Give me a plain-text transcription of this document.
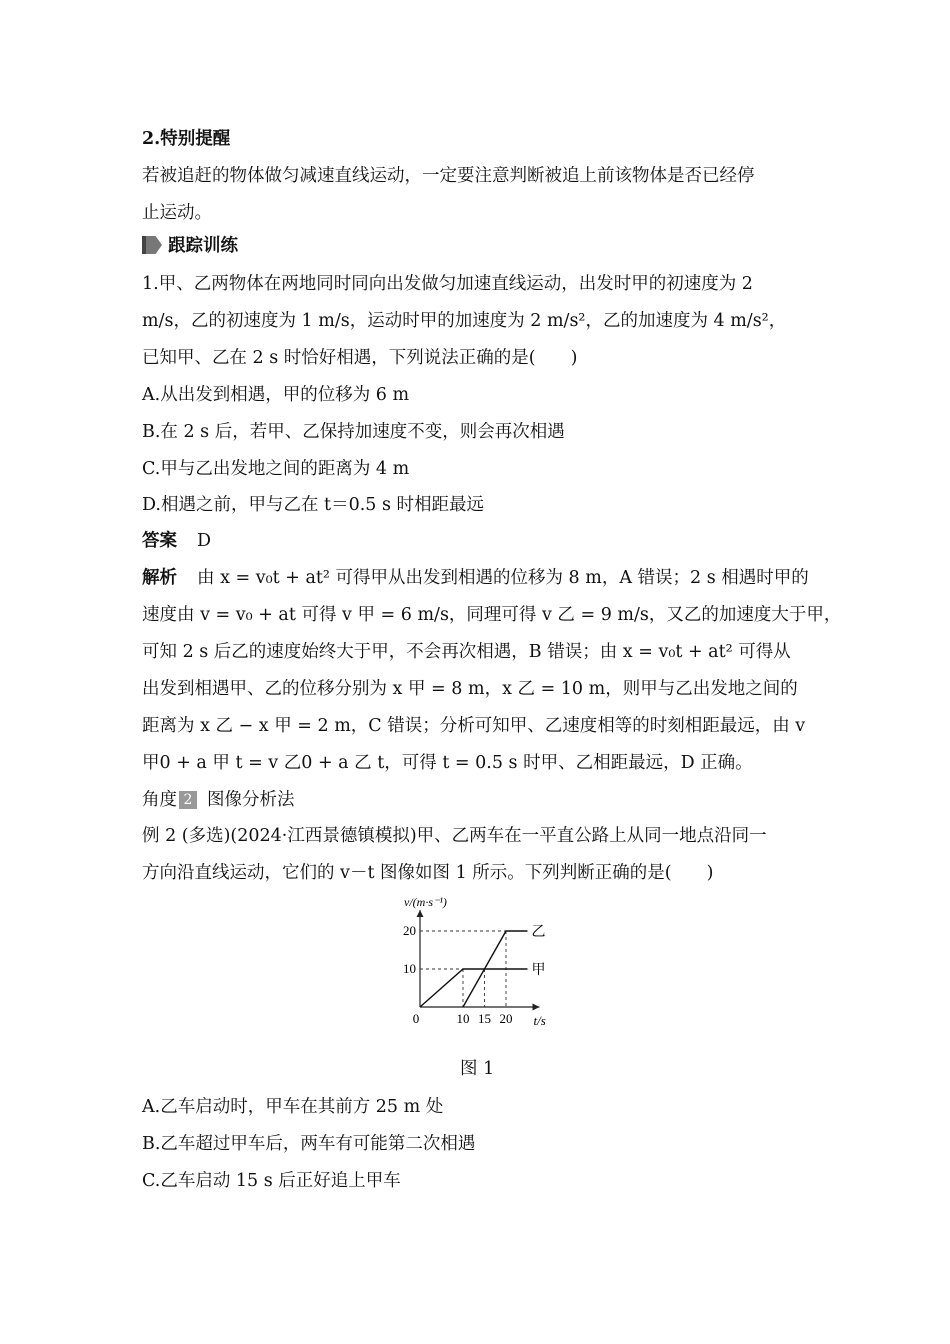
2.特别提醒
若被追赶的物体做匀减速直线运动，一定要注意判断被追上前该物体是否已经停
止运动。
跟踪训练
1.甲、乙两物体在两地同时同向出发做匀加速直线运动，出发时甲的初速度为 2
m/s，乙的初速度为 1 m/s，运动时甲的加速度为 2 m/s²，乙的加速度为 4 m/s²，
已知甲、乙在 2 s 时恰好相遇，下列说法正确的是(　　)
A.从出发到相遇，甲的位移为 6 m
B.在 2 s 后，若甲、乙保持加速度不变，则会再次相遇
C.甲与乙出发地之间的距离为 4 m
D.相遇之前，甲与乙在 t＝0.5 s 时相距最远
答案 D
解析 由 x = v₀t + at² 可得甲从出发到相遇的位移为 8 m，A 错误；2 s 相遇时甲的
速度由 v = v₀ + at 可得 v 甲 = 6 m/s，同理可得 v 乙 = 9 m/s，又乙的加速度大于甲，
可知 2 s 后乙的速度始终大于甲，不会再次相遇，B 错误；由 x = v₀t + at² 可得从
出发到相遇甲、乙的位移分别为 x 甲 = 8 m，x 乙 = 10 m，则甲与乙出发地之间的
距离为 x 乙 − x 甲 = 2 m，C 错误；分析可知甲、乙速度相等的时刻相距最远，由 v
甲0 + a 甲 t = v 乙0 + a 乙 t，可得 t = 0.5 s 时甲、乙相距最远，D 正确。
角度 2 图像分析法
例 2 (多选)(2024·江西景德镇模拟)甲、乙两车在一平直公路上从同一地点沿同一
方向沿直线运动，它们的 v－t 图像如图 1 所示。下列判断正确的是(　　)
v/(m·s⁻¹)
t/s
0
10
20
10 15 20
甲
乙
图 1
A.乙车启动时，甲车在其前方 25 m 处
B.乙车超过甲车后，两车有可能第二次相遇
C.乙车启动 15 s 后正好追上甲车
